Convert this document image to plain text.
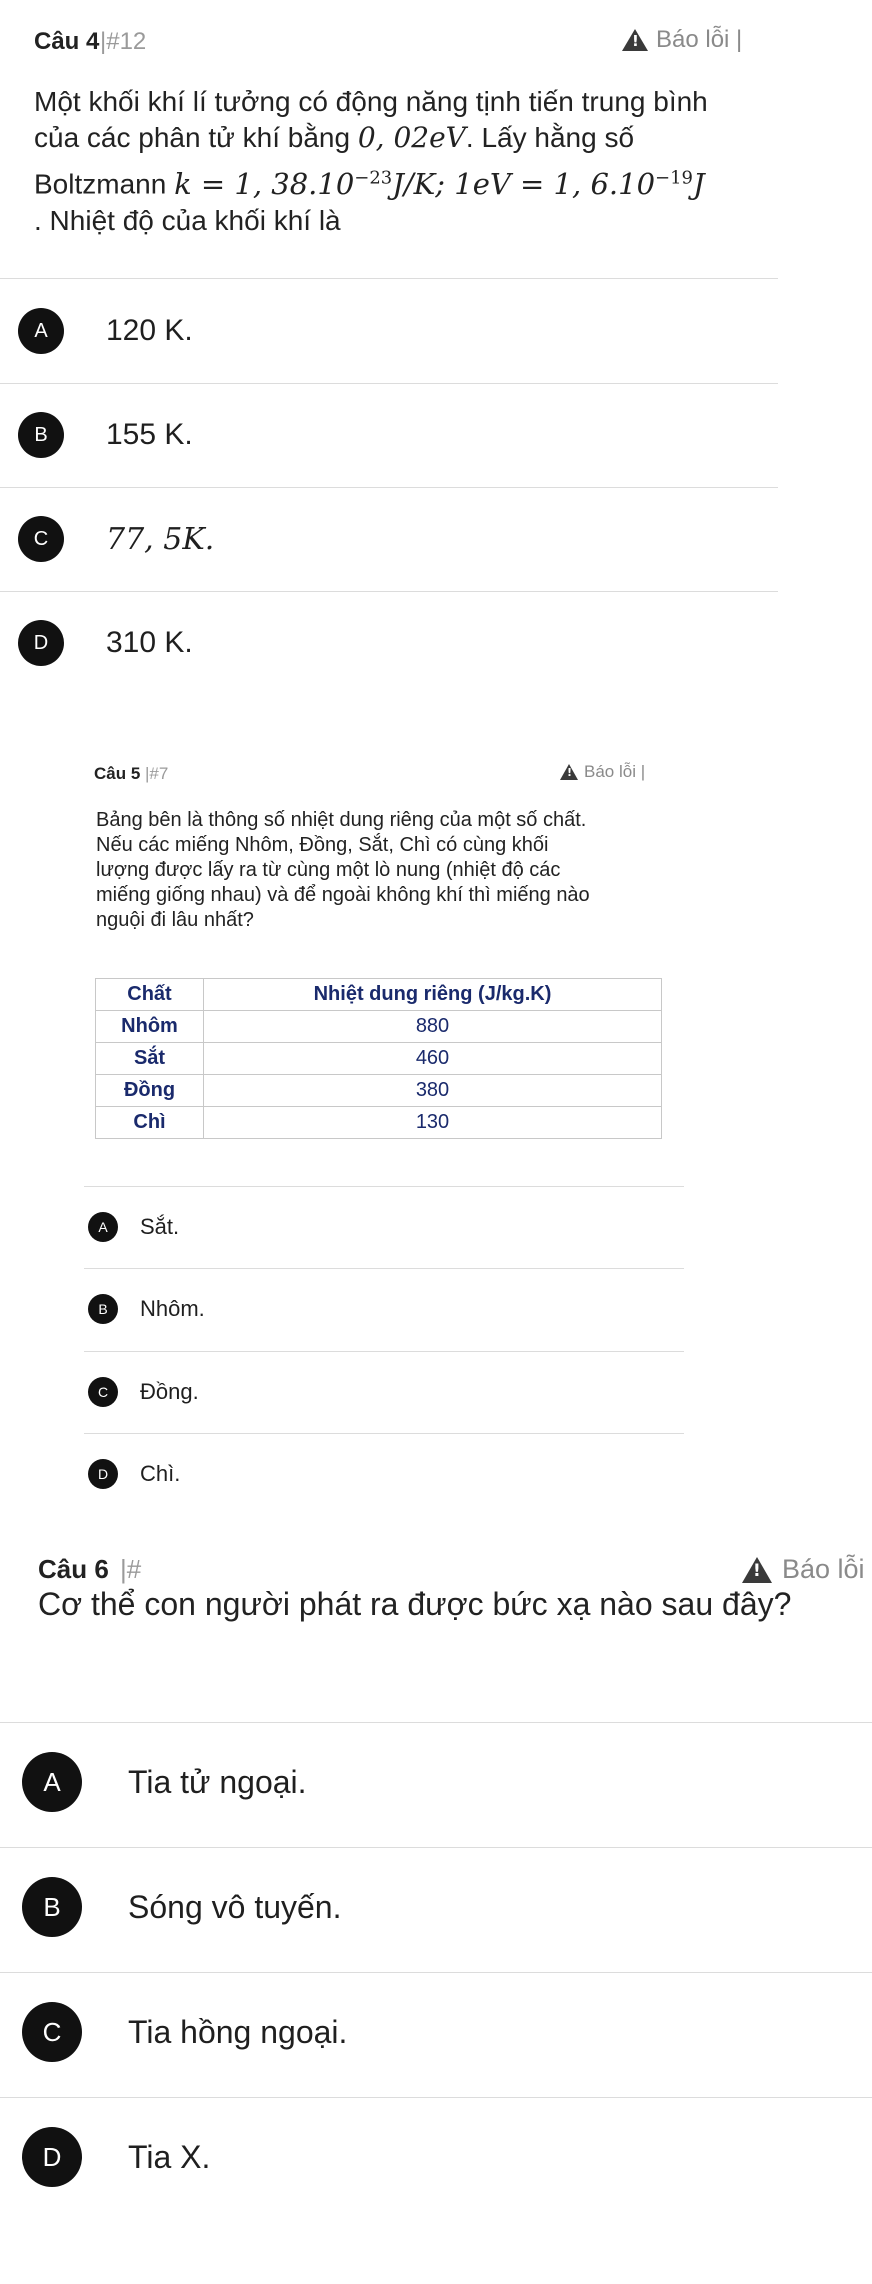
Câu 4 |#12 !	Báo lỗi |
Một khối khí lí tưởng có động năng tịnh tiến trung bình
của các phân tử khí bằng 0, 02eV. Lấy hằng số
Boltzmann k = 1, $38.10^{-23}J/K$; 1eV = 1, $6.10^{-19}J$
. Nhiệt độ của khối khí là
A	120 K.
B	155 K.
C	77, 5K.
D	310 K.
Câu 5 |#7 !	Báo lỗi |
Bảng bên là thông số nhiệt dung riêng của một số chất.
Nếu các miếng Nhôm, Đồng, Sắt, Chì có cùng khối
lượng được lấy ra từ cùng một lò nung (nhiệt độ các
miếng giống nhau) và để ngoài không khí thì miếng nào
nguội đi lâu nhất?
Chất	Nhiệt dung riêng (J/kg.K)
Nhôm	880
Sắt	460
Đồng	380
Chì	130
A	Sắt.
B	Nhôm.
C	Đồng.
D	Chì.
Câu 6 |#
!	Báo lỗi
Cơ thể con người phát ra được bức xạ nào sau đây?
A	Tia tử ngoại.
B	Sóng vô tuyến.
C	Tia hồng ngoại.
D	Tia X.
